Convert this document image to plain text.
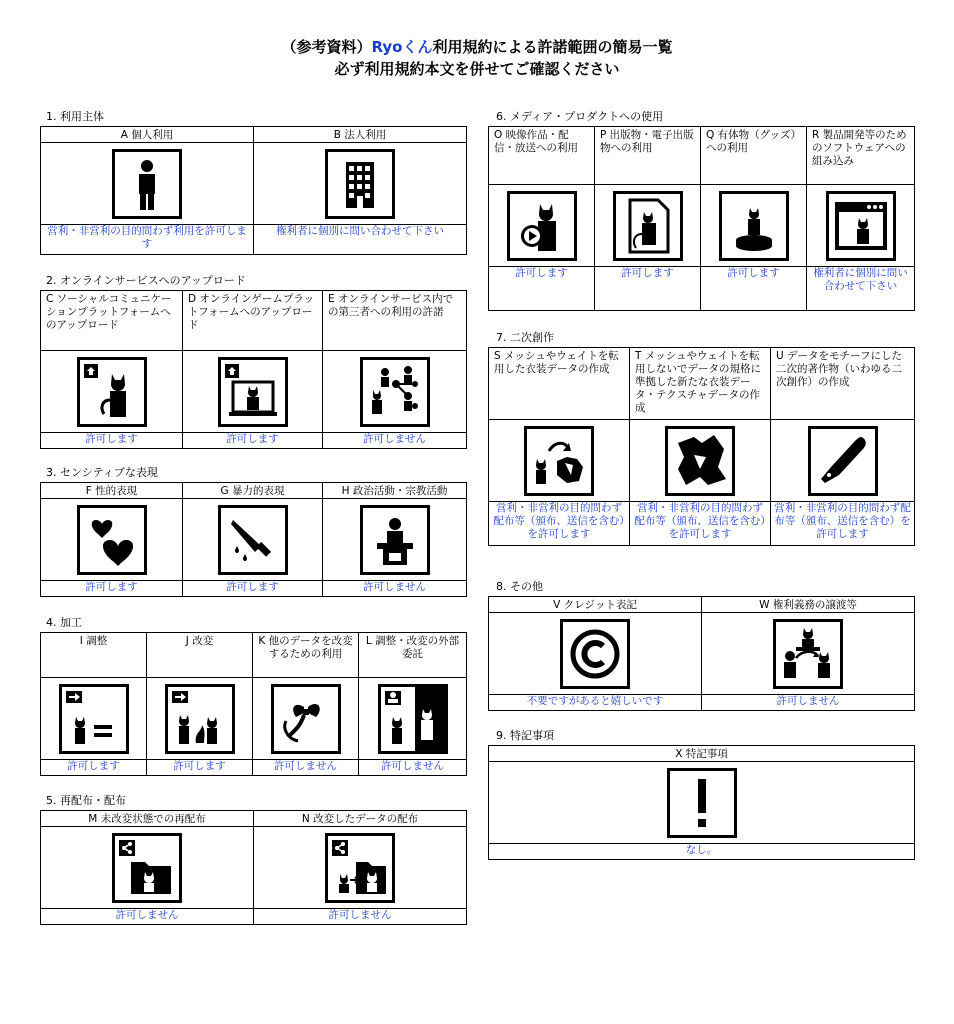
（参考資料）Ryoくん利用規約による許諾範囲の簡易一覧
必ず利用規約本文を併せてご確認ください
1. 利用主体
A 個人利用	B 法人利用

営利・非営利の目的問わず利用を許可します	権利者に個別に問い合わせて下さい
2. オンラインサービスへのアップロード
C ソーシャルコミュニケーションプラットフォームへのアップロード	D オンラインゲームプラットフォームへのアップロード	E オンラインサービス内での第三者への利用の許諾

許可します	許可します	許可しません
3. センシティブな表現
F 性的表現	G 暴力的表現	H 政治活動・宗教活動

許可します	許可します	許可しません
4. 加工
I 調整	J 改変	K 他のデータを改変するための利用	L 調整・改変の外部委託

許可します	許可します	許可しません	許可しません
5. 再配布・配布
M 未改変状態での再配布	N 改変したデータの配布

許可しません	許可しません
6. メディア・プロダクトへの使用
O 映像作品・配信・放送への利用	P 出版物・電子出版物への利用	Q 有体物（グッズ）への利用	R 製品開発等のためのソフトウェアへの組み込み

許可します	許可します	許可します	権利者に個別に問い合わせて下さい
7. 二次創作
S メッシュやウェイトを転用した衣装データの作成	T メッシュやウェイトを転用しないでデータの規格に準拠した新たな衣装データ・テクスチャデータの作成	U データをモチーフにした二次的著作物（いわゆる二次創作）の作成

営利・非営利の目的問わず配布等（頒布、送信を含む）を許可します	営利・非営利の目的問わず配布等（頒布、送信を含む）を許可します	営利・非営利の目的問わず配布等（頒布、送信を含む）を許可します
8. その他
V クレジット表記	W 権利義務の譲渡等

不要ですがあると嬉しいです	許可しません
9. 特記事項
X 特記事項

なし。
